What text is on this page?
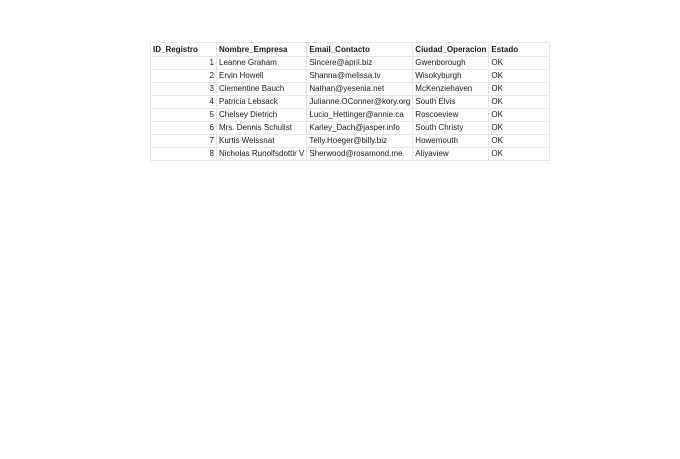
ID_Registro	Nombre_Empresa	Email_Contacto	Ciudad_Operacion	Estado
1	Leanne Graham	Sincere@april.biz	Gwenborough	OK
2	Ervin Howell	Shanna@melissa.tv	Wisokyburgh	OK
3	Clementine Bauch	Nathan@yesenia.net	McKenziehaven	OK
4	Patricia Lebsack	Julianne.OConner@kory.org	South Elvis	OK
5	Chelsey Dietrich	Lucio_Hettinger@annie.ca	Roscoeview	OK
6	Mrs. Dennis Schulist	Karley_Dach@jasper.info	South Christy	OK
7	Kurtis Weissnat	Telly.Hoeger@billy.biz	Howemouth	OK
8	Nicholas Runolfsdottir V	Sherwood@rosamond.me	Aliyaview	OK
